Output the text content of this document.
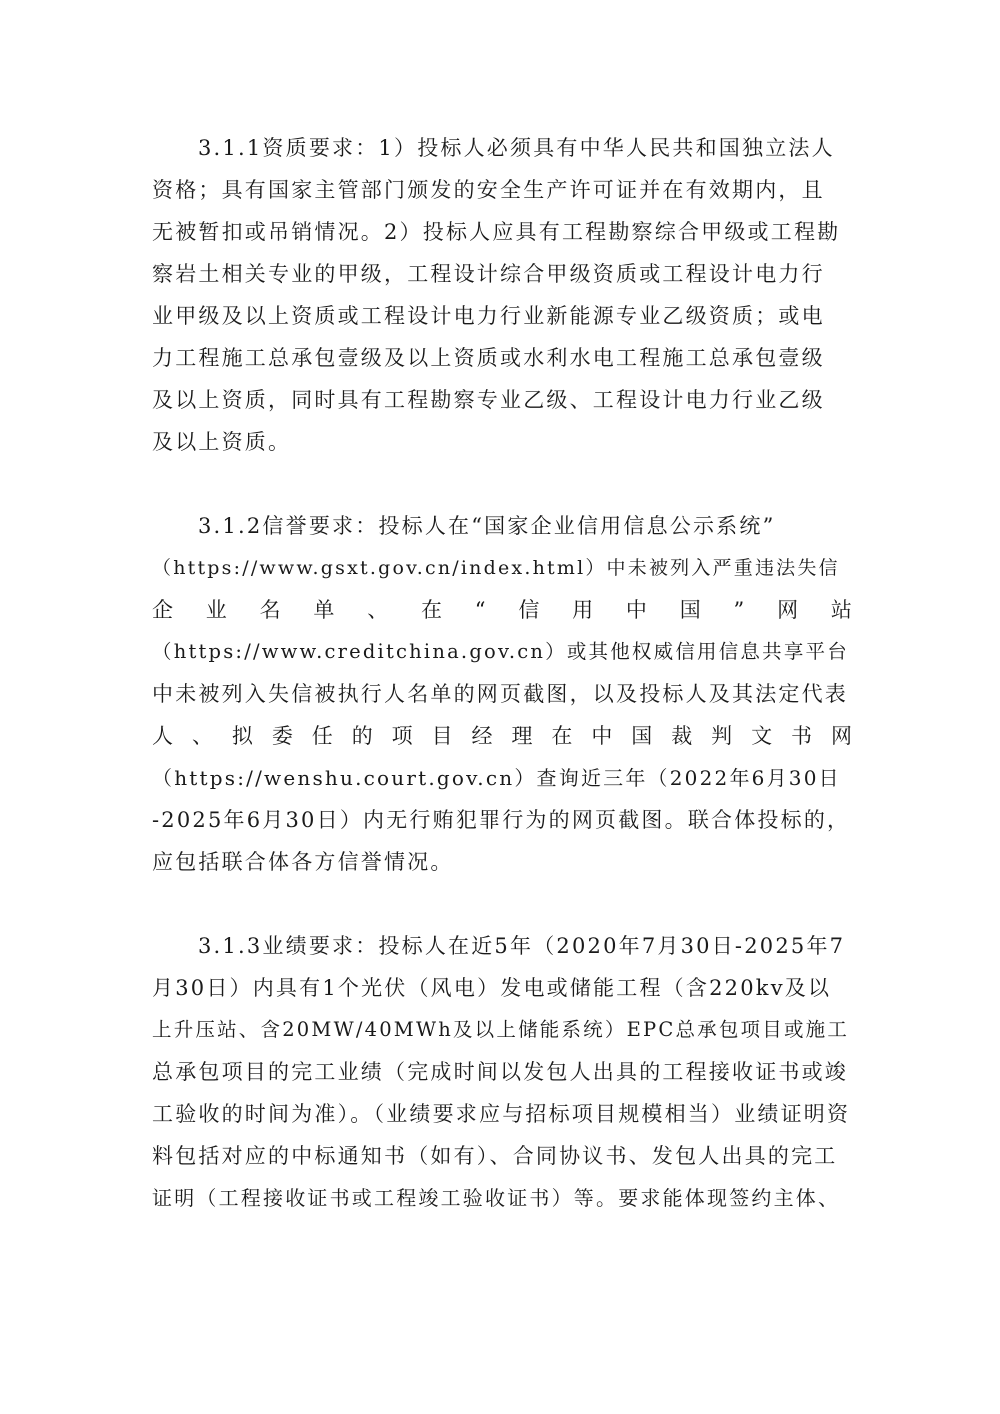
3.1.1资质要求：1）投标人必须具有中华人民共和国独立法人
资格；具有国家主管部门颁发的安全生产许可证并在有效期内，且
无被暂扣或吊销情况。2）投标人应具有工程勘察综合甲级或工程勘
察岩土相关专业的甲级，工程设计综合甲级资质或工程设计电力行
业甲级及以上资质或工程设计电力行业新能源专业乙级资质；或电
力工程施工总承包壹级及以上资质或水利水电工程施工总承包壹级
及以上资质，同时具有工程勘察专业乙级、工程设计电力行业乙级
及以上资质。
3.1.2信誉要求：投标人在“国家企业信用信息公示系统”
（https://www.gsxt.gov.cn/index.html）中未被列入严重违法失信
企 业 名 单 、 在 “ 信 用 中 国 ” 网 站
（https://www.creditchina.gov.cn）或其他权威信用信息共享平台
中未被列入失信被执行人名单的网页截图，以及投标人及其法定代表
人 、 拟 委 任 的 项 目 经 理 在 中 国 裁 判 文 书 网
（https://wenshu.court.gov.cn）查询近三年（2022年6月30日
-2025年6月30日）内无行贿犯罪行为的网页截图。联合体投标的，
应包括联合体各方信誉情况。
3.1.3业绩要求：投标人在近5年（2020年7月30日-2025年7
月30日）内具有1个光伏（风电）发电或储能工程（含220kv及以
上升压站、含20MW/40MWh及以上储能系统）EPC总承包项目或施工
总承包项目的完工业绩（完成时间以发包人出具的工程接收证书或竣
工验收的时间为准）。（业绩要求应与招标项目规模相当）业绩证明资
料包括对应的中标通知书（如有）、合同协议书、发包人出具的完工
证明（工程接收证书或工程竣工验收证书）等。要求能体现签约主体、
